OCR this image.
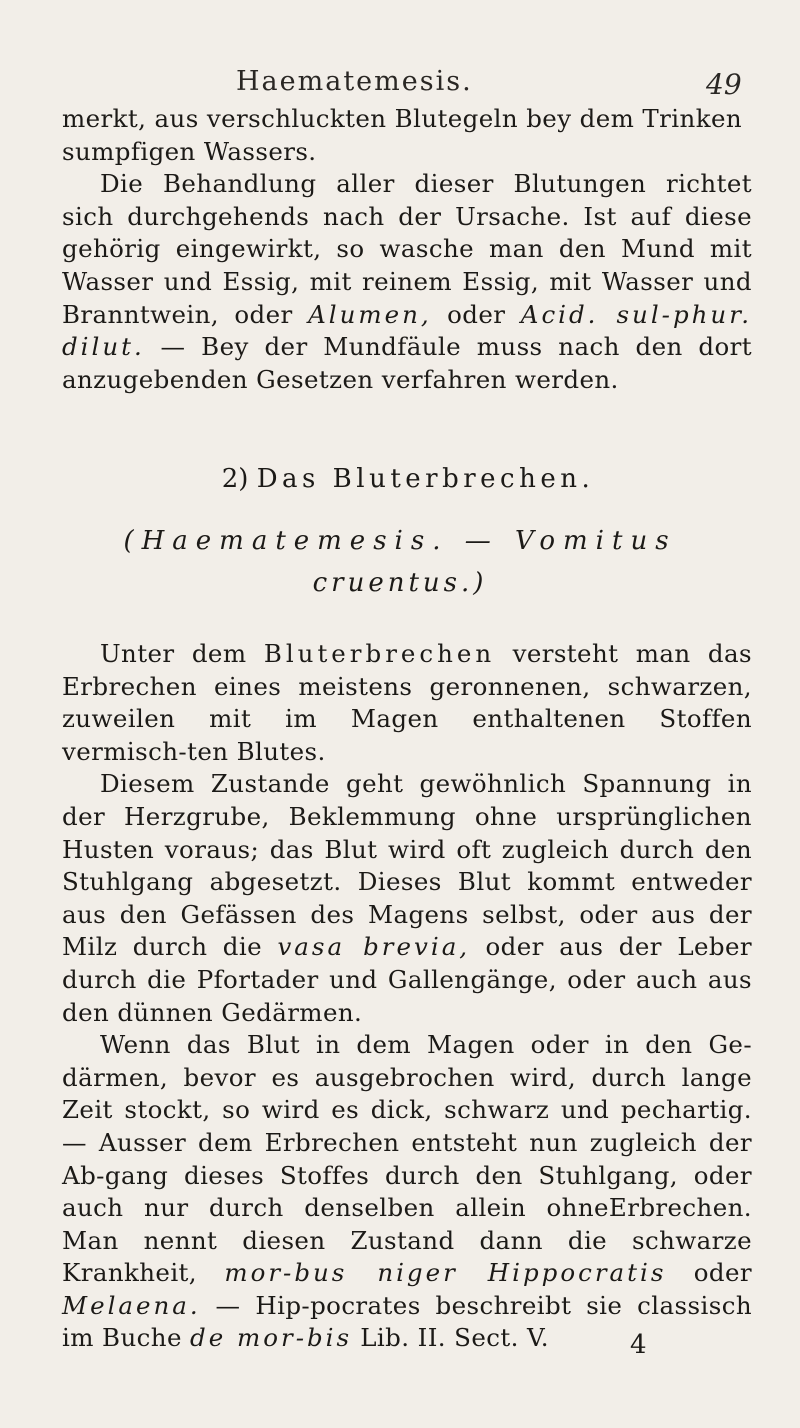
Haematemesis.	49

merkt, aus verschluckten Blutegeln bey dem Trinken
sumpfigen Wassers.

Die Behandlung aller dieser Blutungen richtet sich durchgehends nach der Ursache. Ist auf diese gehörig eingewirkt, so wasche man den Mund mit Wasser und Essig, mit reinem Essig, mit Wasser und Branntwein, oder Alumen, oder Acid. sul-phur. dilut. — Bey der Mundfäule muss nach den dort anzugebenden Gesetzen verfahren werden.

2) Das Bluterbrechen.
(Haematemesis. — Vomitus
cruentus.)

Unter dem Bluterbrechen versteht man das Erbrechen eines meistens geronnenen, schwarzen, zuweilen mit im Magen enthaltenen Stoffen vermisch-ten Blutes.

Diesem Zustande geht gewöhnlich Spannung in der Herzgrube, Beklemmung ohne ursprünglichen Husten voraus; das Blut wird oft zugleich durch den Stuhlgang abgesetzt. Dieses Blut kommt entweder aus den Gefässen des Magens selbst, oder aus der Milz durch die vasa brevia, oder aus der Leber durch die Pfortader und Gallengänge, oder auch aus den dünnen Gedärmen.

Wenn das Blut in dem Magen oder in den Ge-därmen, bevor es ausgebrochen wird, durch lange Zeit stockt, so wird es dick, schwarz und pechartig. — Ausser dem Erbrechen entsteht nun zugleich der Ab-gang dieses Stoffes durch den Stuhlgang, oder auch nur durch denselben allein ohneErbrechen. Man nennt diesen Zustand dann die schwarze Krankheit, mor-bus niger Hippocratis oder Melaena. — Hip-pocrates beschreibt sie classisch im Buche de mor-bis Lib. II. Sect. V.	4
